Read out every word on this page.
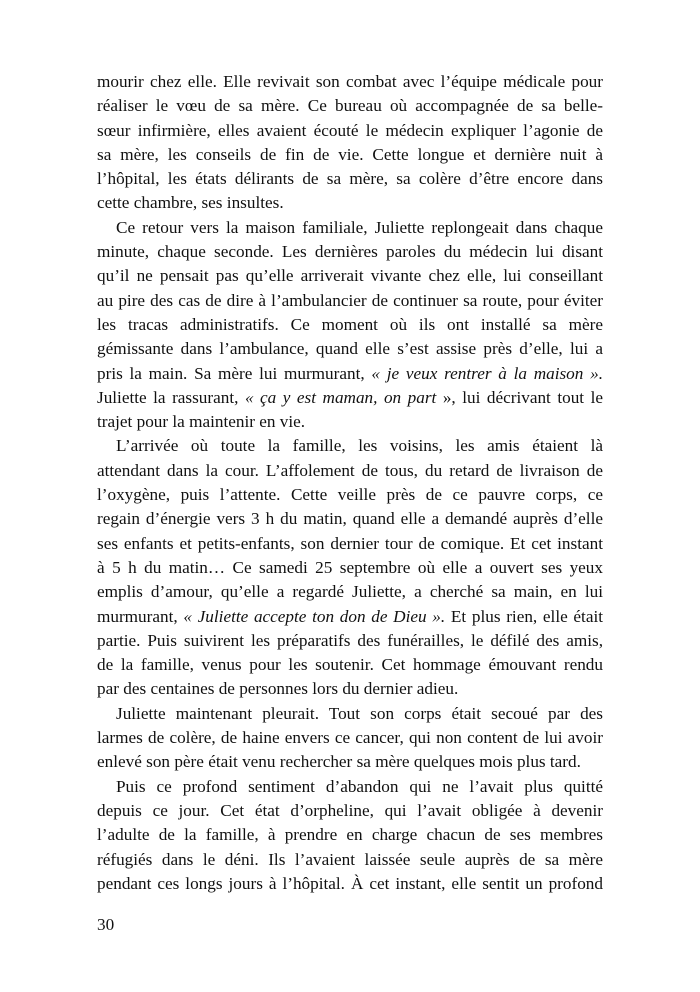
mourir chez elle. Elle revivait son combat avec l’équipe médicale pour
réaliser le vœu de sa mère. Ce bureau où accompagnée de sa belle-
sœur infirmière, elles avaient écouté le médecin expliquer l’agonie de
sa mère, les conseils de fin de vie. Cette longue et dernière nuit à
l’hôpital, les états délirants de sa mère, sa colère d’être encore dans
cette chambre, ses insultes.
Ce retour vers la maison familiale, Juliette replongeait dans chaque
minute, chaque seconde. Les dernières paroles du médecin lui disant
qu’il ne pensait pas qu’elle arriverait vivante chez elle, lui conseillant
au pire des cas de dire à l’ambulancier de continuer sa route, pour éviter
les tracas administratifs. Ce moment où ils ont installé sa mère
gémissante dans l’ambulance, quand elle s’est assise près d’elle, lui a
pris la main. Sa mère lui murmurant, « je veux rentrer à la maison ».
Juliette la rassurant, « ça y est maman, on part », lui décrivant tout le
trajet pour la maintenir en vie.
L’arrivée où toute la famille, les voisins, les amis étaient là
attendant dans la cour. L’affolement de tous, du retard de livraison de
l’oxygène, puis l’attente. Cette veille près de ce pauvre corps, ce
regain d’énergie vers 3 h du matin, quand elle a demandé auprès d’elle
ses enfants et petits-enfants, son dernier tour de comique. Et cet instant
à 5 h du matin… Ce samedi 25 septembre où elle a ouvert ses yeux
emplis d’amour, qu’elle a regardé Juliette, a cherché sa main, en lui
murmurant, « Juliette accepte ton don de Dieu ». Et plus rien, elle était
partie. Puis suivirent les préparatifs des funérailles, le défilé des amis,
de la famille, venus pour les soutenir. Cet hommage émouvant rendu
par des centaines de personnes lors du dernier adieu.
Juliette maintenant pleurait. Tout son corps était secoué par des
larmes de colère, de haine envers ce cancer, qui non content de lui avoir
enlevé son père était venu rechercher sa mère quelques mois plus tard.
Puis ce profond sentiment d’abandon qui ne l’avait plus quitté
depuis ce jour. Cet état d’orpheline, qui l’avait obligée à devenir
l’adulte de la famille, à prendre en charge chacun de ses membres
réfugiés dans le déni. Ils l’avaient laissée seule auprès de sa mère
pendant ces longs jours à l’hôpital. À cet instant, elle sentit un profond
30
